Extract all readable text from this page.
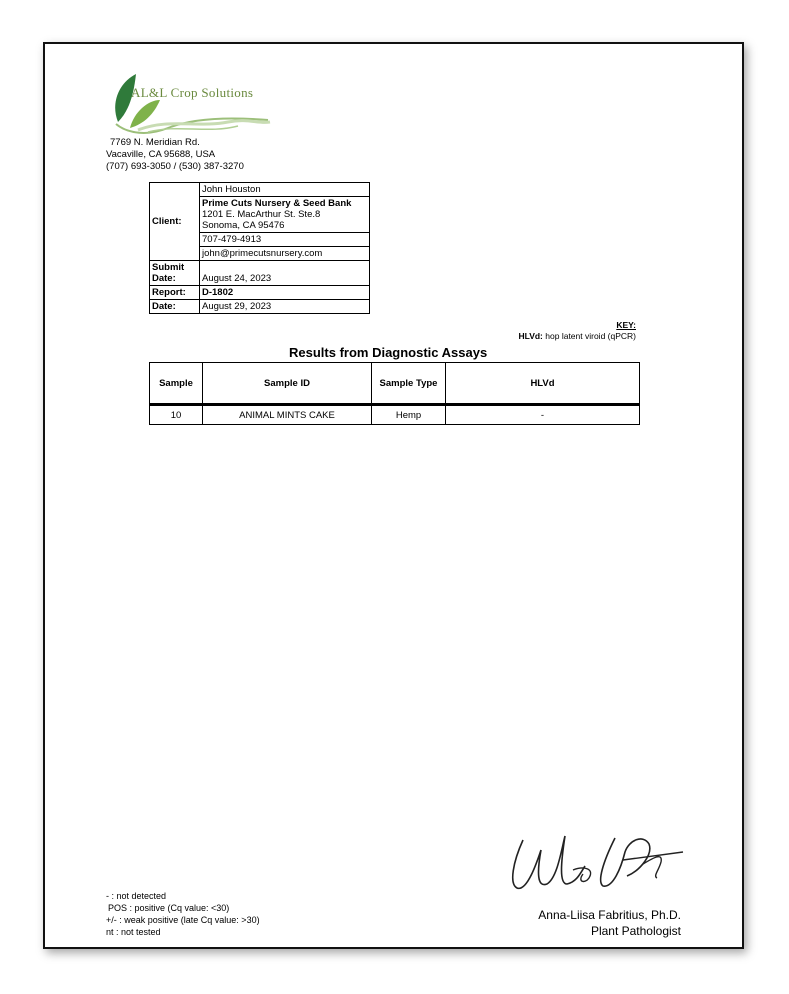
AL&L Crop Solutions
7769 N. Meridian Rd.
Vacaville, CA 95688, USA
(707) 693-3050 / (530) 387-3270
Client:	John Houston
	Prime Cuts Nursery & Seed Bank
1201 E. MacArthur St. Ste.8
Sonoma, CA 95476
	707-479-4913
	john@primecutsnursery.com
Submit
Date:	August 24, 2023
Report:	D-1802
Date:	August 29, 2023
KEY:
HLVd: hop latent viroid (qPCR)
Results from Diagnostic Assays
Sample	Sample ID	Sample Type	HLVd
10	ANIMAL MINTS CAKE	Hemp	-
- : not detected
POS : positive (Cq value: <30)
+/- : weak positive (late Cq value: >30)
nt : not tested
Anna-Liisa Fabritius, Ph.D.
Plant Pathologist
